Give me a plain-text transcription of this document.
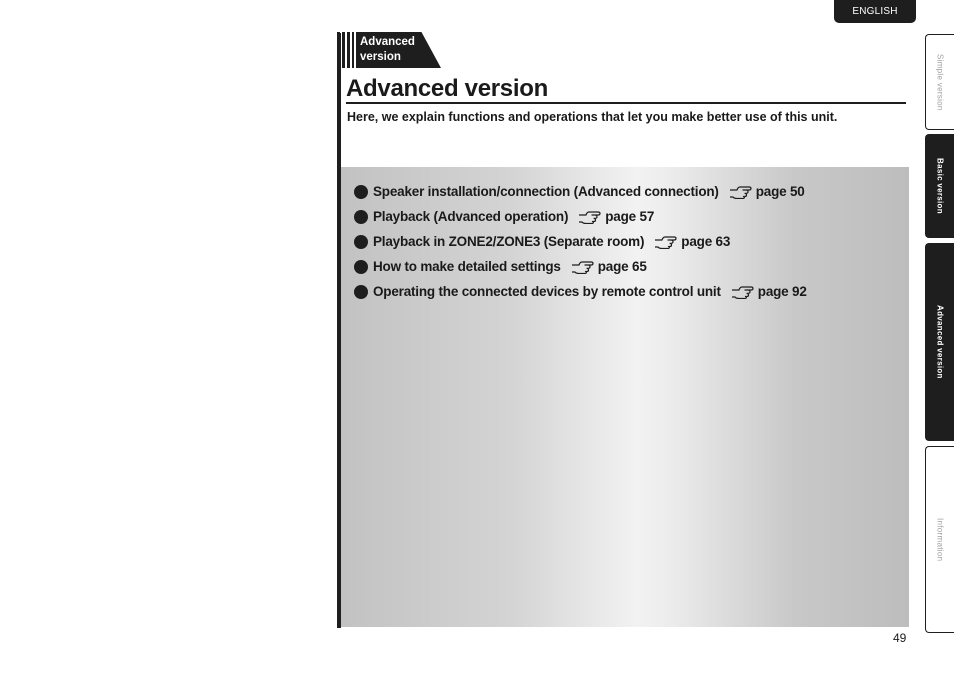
ENGLISH
Advanced
version
Advanced version

Here, we explain functions and operations that let you make better use of this unit.

Speaker installation/connection (Advanced connection)	page 50
Playback (Advanced operation)	page 57
Playback in ZONE2/ZONE3 (Separate room)	page 63
How to make detailed settings	page 65
Operating the connected devices by remote control unit	page 92
49
Simple version
Basic version
Advanced version
Information
